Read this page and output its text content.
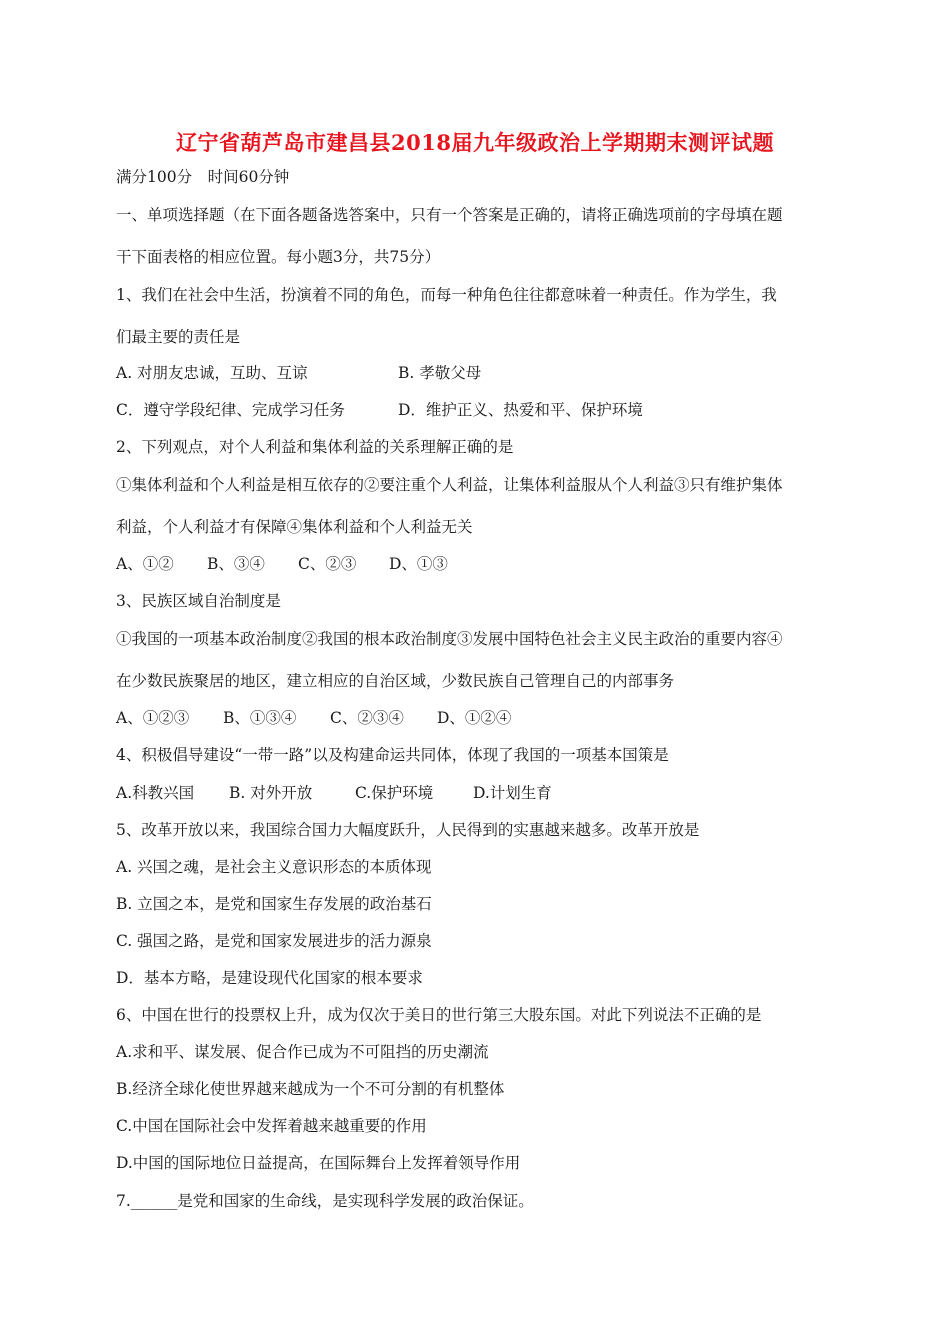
辽宁省葫芦岛市建昌县2018届九年级政治上学期期末测评试题
满分100分　时间60分钟
一、单项选择题（在下面各题备选答案中，只有一个答案是正确的，请将正确选项前的字母填在题
干下面表格的相应位置。每小题3分，共75分）
1、我们在社会中生活，扮演着不同的角色，而每一种角色往往都意味着一种责任。作为学生，我
们最主要的责任是
A. 对朋友忠诚，互助、互谅	B. 孝敬父母
C．遵守学段纪律、完成学习任务	D．维护正义、热爱和平、保护环境
2、下列观点，对个人利益和集体利益的关系理解正确的是
①集体利益和个人利益是相互依存的②要注重个人利益，让集体利益服从个人利益③只有维护集体
利益，个人利益才有保障④集体利益和个人利益无关
A、①② B、③④ C、②③ D、①③
3、民族区域自治制度是
①我国的一项基本政治制度②我国的根本政治制度③发展中国特色社会主义民主政治的重要内容④
在少数民族聚居的地区，建立相应的自治区域，少数民族自己管理自己的内部事务
A、①②③ B、①③④ C、②③④ D、①②④
4、积极倡导建设“一带一路”以及构建命运共同体，体现了我国的一项基本国策是
A.科教兴国 B. 对外开放	C.保护环境	D.计划生育
5、改革开放以来，我国综合国力大幅度跃升，人民得到的实惠越来越多。改革开放是
A. 兴国之魂，是社会主义意识形态的本质体现
B. 立国之本，是党和国家生存发展的政治基石
C. 强国之路，是党和国家发展进步的活力源泉
D．基本方略，是建设现代化国家的根本要求
6、中国在世行的投票权上升，成为仅次于美日的世行第三大股东国。对此下列说法不正确的是
A.求和平、谋发展、促合作已成为不可阻挡的历史潮流
B.经济全球化使世界越来越成为一个不可分割的有机整体
C.中国在国际社会中发挥着越来越重要的作用
D.中国的国际地位日益提高，在国际舞台上发挥着领导作用
7.______是党和国家的生命线，是实现科学发展的政治保证。
